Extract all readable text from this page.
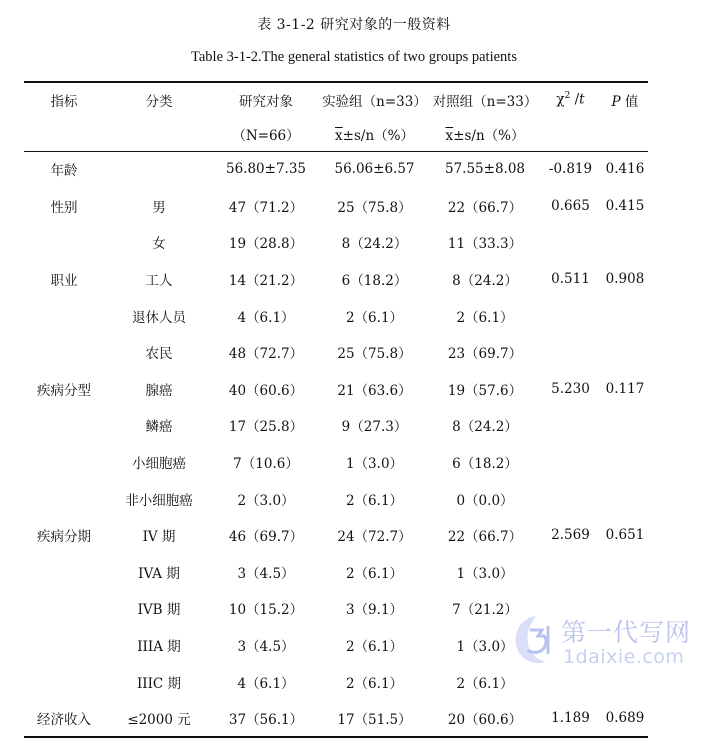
表 3-1-2 研究对象的一般资料
Table 3-1-2.The general statistics of two groups patients
指标	分类	研究对象	实验组（n=33）	对照组（n=33）	$\chi^2$ /t	P 值
		（N=66）	$\overline{x}\pm s/n(\%)$	$\overline{x}\pm s/n(\%)$		
年龄		56.80±7.35	56.06±6.57	57.55±8.08	-0.819	0.416
性别	男	47（71.2）	25（75.8）	22（66.7）	0.665	0.415
	女	19（28.8）	8（24.2）	11（33.3）		
职业	工人	14（21.2）	6（18.2）	8（24.2）	0.511	0.908
	退休人员	4（6.1）	2（6.1）	2（6.1）		
	农民	48（72.7）	25（75.8）	23（69.7）		
疾病分型	腺癌	40（60.6）	21（63.6）	19（57.6）	5.230	0.117
	鳞癌	17（25.8）	9（27.3）	8（24.2）		
	小细胞癌	7（10.6）	1（3.0）	6（18.2）		
	非小细胞癌	2（3.0）	2（6.1）	0（0.0）		
疾病分期	IV 期	46（69.7）	24（72.7）	22（66.7）	2.569	0.651
	IVA 期	3（4.5）	2（6.1）	1（3.0）		
	IVB 期	10（15.2）	3（9.1）	7（21.2）		
	IIIA 期	3（4.5）	2（6.1）	1（3.0）		
	IIIC 期	4（6.1）	2（6.1）	2（6.1）		
经济收入	≤2000 元	37（56.1）	17（51.5）	20（60.6）	1.189	0.689
第一代写网
1daixie.com
